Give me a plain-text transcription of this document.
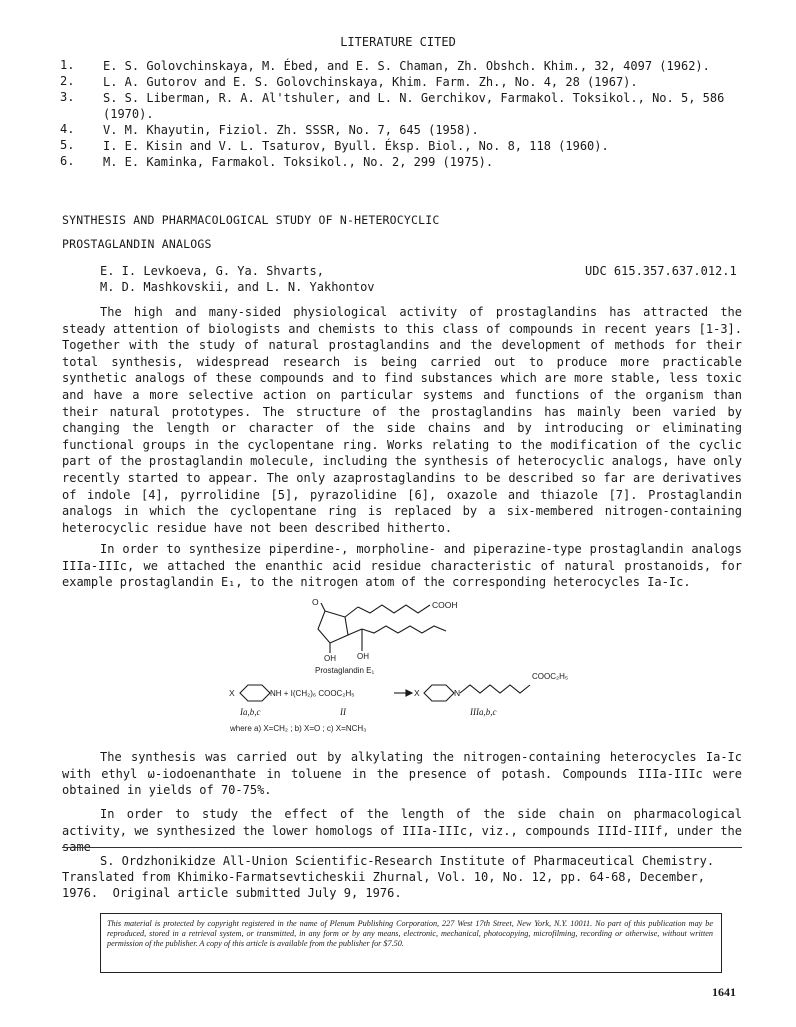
LITERATURE CITED
1. E. S. Golovchinskaya, M. Ébed, and E. S. Chaman, Zh. Obshch. Khim., 32, 4097 (1962).
2. L. A. Gutorov and E. S. Golovchinskaya, Khim. Farm. Zh., No. 4, 28 (1967).
3. S. S. Liberman, R. A. Al'tshuler, and L. N. Gerchikov, Farmakol. Toksikol., No. 5, 586 (1970).
4. V. M. Khayutin, Fiziol. Zh. SSSR, No. 7, 645 (1958).
5. I. E. Kisin and V. L. Tsaturov, Byull. Éksp. Biol., No. 8, 118 (1960).
6. M. E. Kaminka, Farmakol. Toksikol., No. 2, 299 (1975).
SYNTHESIS AND PHARMACOLOGICAL STUDY OF N-HETEROCYCLIC
PROSTAGLANDIN ANALOGS
E. I. Levkoeva, G. Ya. Shvarts,
M. D. Mashkovskii, and L. N. Yakhontov
UDC 615.357.637.012.1

The high and many-sided physiological activity of prostaglandins has attracted the steady attention of biologists and chemists to this class of compounds in recent years [1-3]. Together with the study of natural prostaglandins and the development of methods for their total synthesis, widespread research is being carried out to produce more practicable synthetic analogs of these compounds and to find substances which are more stable, less toxic and have a more selective action on particular systems and functions of the organism than their natural prototypes. The structure of the prostaglandins has mainly been varied by changing the length or character of the side chains and by introducing or eliminating functional groups in the cyclopentane ring. Works relating to the modification of the cyclic part of the prostaglandin molecule, including the synthesis of heterocyclic analogs, have only recently started to appear. The only azaprostaglandins to be described so far are derivatives of indole [4], pyrrolidine [5], pyrazolidine [6], oxazole and thiazole [7]. Prostaglandin analogs in which the cyclopentane ring is replaced by a six-membered nitrogen-containing heterocyclic residue have not been described hitherto.

In order to synthesize piperdine-, morpholine- and piperazine-type prostaglandin analogs IIIa-IIIc, we attached the enanthic acid residue characteristic of natural prostanoids, for example prostaglandin E₁, to the nitrogen atom of the corresponding heterocycles Ia-Ic.

O	COOH
OH	OH
Prostaglandin E₁
X	NH + I(CH₂)₆ COOC₂H₅	X	N
COOC₂H₅
Ia,b,c	II	IIIa,b,c
where a) X=CH₂ ; b) X=O ; c) X=NCH₃

The synthesis was carried out by alkylating the nitrogen-containing heterocycles Ia-Ic with ethyl ω-iodoenanthate in toluene in the presence of potash. Compounds IIIa-IIIc were obtained in yields of 70-75%.

In order to study the effect of the length of the side chain on pharmacological activity, we synthesized the lower homologs of IIIa-IIIc, viz., compounds IIId-IIIf, under the same

S. Ordzhonikidze All-Union Scientific-Research Institute of Pharmaceutical Chemistry.
Translated from Khimiko-Farmatsevticheskii Zhurnal, Vol. 10, No. 12, pp. 64-68, December,
1976.  Original article submitted July 9, 1976.
This material is protected by copyright registered in the name of Plenum Publishing Corporation, 227 West 17th Street, New York, N.Y. 10011. No part of this publication may be reproduced, stored in a retrieval system, or transmitted, in any form or by any means, electronic, mechanical, photocopying, microfilming, recording or otherwise, without written permission of the publisher. A copy of this article is available from the publisher for $7.50.
1641
